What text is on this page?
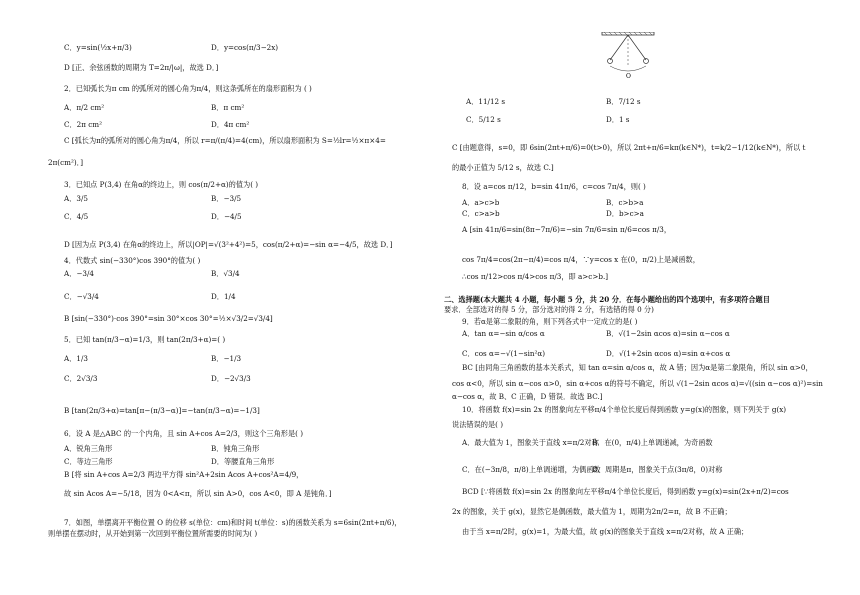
C．y=sin(½x+π/3)	D．y=cos(π/3−2x)
D [正、余弦函数的周期为 T=2π/|ω|，故选 D．]
2．已知弧长为π cm 的弧所对的圆心角为π/4，则这条弧所在的扇形面积为 ( )
A．π/2 cm²	B．π cm²
C．2π cm²	D．4π cm²
C [弧长为π的弧所对的圆心角为π/4，所以 r=π/(π/4)=4(cm)，所以扇形面积为 S=½lr=½×π×4=
2π(cm²)．]
3．已知点 P(3,4) 在角α的终边上，则 cos(π/2+α)的值为( )
A．3/5	B．−3/5
C．4/5	D．−4/5
D [因为点 P(3,4) 在角α的终边上，所以|OP|=√(3²+4²)=5，cos(π/2+α)=−sin α=−4/5，故选 D．]
4．代数式 sin(−330°)cos 390°的值为( )
A．−3/4	B．√3/4
C．−√3/4	D．1/4
B [sin(−330°)·cos 390°=sin 30°×cos 30°=½×√3/2=√3/4]
5．已知 tan(π/3−α)=1/3，则 tan(2π/3+α)=( )
A．1/3	B．−1/3
C．2√3/3	D．−2√3/3
B [tan(2π/3+α)=tan[π−(π/3−α)]=−tan(π/3−α)=−1/3]
6．设 A 是△ABC 的一个内角，且 sin A+cos A=2/3，则这个三角形是( )
A．锐角三角形	B．钝角三角形
C．等边三角形	D．等腰直角三角形
B [将 sin A+cos A=2/3 两边平方得 sin²A+2sin Acos A+cos²A=4/9，
故 sin Acos A=−5/18，因为 0<A<π，所以 sin A>0，cos A<0，即 A 是钝角．]
7．如图，单摆离开平衡位置 O 的位移 s(单位：cm)和时间 t(单位：s)的函数关系为 s=6sin(2πt+π/6)，
则单摆在摆动时，从开始到第一次回到平衡位置所需要的时间为( )
O
A．11/12 s	B．7/12 s
C．5/12 s	D．1 s
C [由题意得，s=0，即 6sin(2πt+π/6)=0(t>0)，所以 2πt+π/6=kπ(k∈N*)，t=k/2−1/12(k∈N*)，所以 t
的最小正值为 5/12 s，故选 C.]
8．设 a=cos π/12，b=sin 41π/6，c=cos 7π/4，则( )
A．a>c>b	B．c>b>a
C．c>a>b	D．b>c>a
A [sin 41π/6=sin(8π−7π/6)=−sin 7π/6=sin π/6=cos π/3，
cos 7π/4=cos(2π−π/4)=cos π/4，∵y=cos x 在(0，π/2)上是减函数，
∴cos π/12>cos π/4>cos π/3，即 a>c>b.]
二、选择题(本大题共 4 小题，每小题 5 分，共 20 分．在每小题给出的四个选项中，有多项符合题目
要求．全部选对的得 5 分，部分选对的得 2 分，有选错的得 0 分)
9．若α是第二象限的角，则下列各式中一定成立的是( )
A．tan α=−sin α/cos α	B．√(1−2sin αcos α)=sin α−cos α
C．cos α=−√(1−sin²α)	D．√(1+2sin αcos α)=sin α+cos α
BC [由同角三角函数的基本关系式，知 tan α=sin α/cos α，故 A 错；因为α是第二象限角，所以 sin α>0，
cos α<0，所以 sin α−cos α>0，sin α+cos α的符号不确定，所以 √(1−2sin αcos α)=√((sin α−cos α)²)=sin
α−cos α，故 B、C 正确，D 错误．故选 BC.]
10．将函数 f(x)=sin 2x 的图象向左平移π/4个单位长度后得到函数 y=g(x)的图象，则下列关于 g(x)
说法错误的是( )
A．最大值为 1，图象关于直线 x=π/2对称
B．在(0，π/4)上单调递减，为奇函数
C．在(−3π/8，π/8)上单调递增，为偶函数
D．周期是π，图象关于点(3π/8，0)对称
BCD [∵将函数 f(x)=sin 2x 的图象向左平移π/4个单位长度后，得到函数 y=g(x)=sin(2x+π/2)=cos
2x 的图象，关于 g(x)，显然它是偶函数，最大值为 1，周期为2π/2=π，故 B 不正确；
由于当 x=π/2时，g(x)=1，为最大值，故 g(x)的图象关于直线 x=π/2对称，故 A 正确；
